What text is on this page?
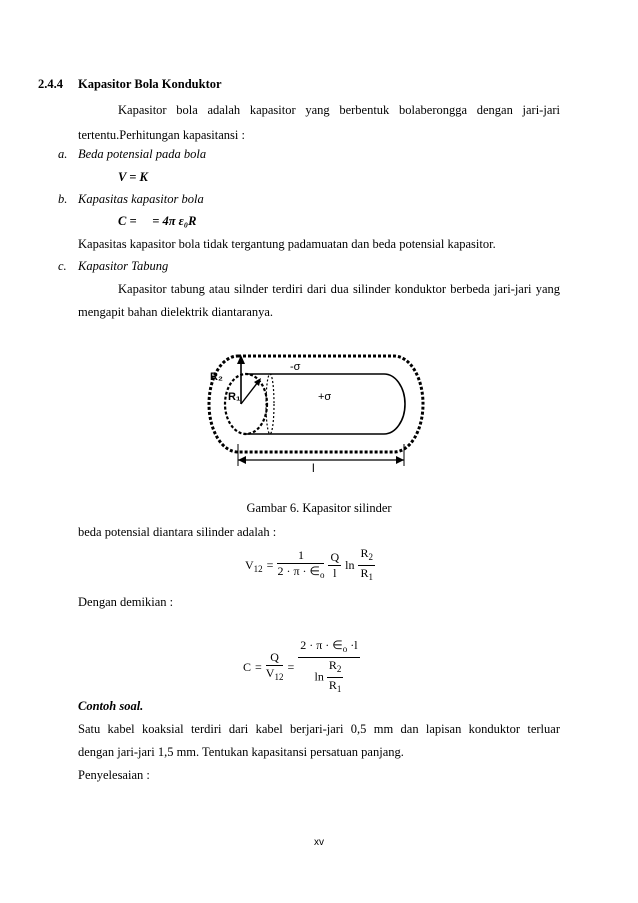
2.4.4 Kapasitor Bola Konduktor
Kapasitor bola adalah kapasitor yang berbentuk bolaberongga dengan jari-jari
tertentu.Perhitungan kapasitansi :
a. Beda potensial pada bola
V = K
b. Kapasitas kapasitor bola
C =     = 4π ε₀R
Kapasitas kapasitor bola tidak tergantung padamuatan dan beda potensial kapasitor.
c. Kapasitor Tabung
Kapasitor tabung atau silnder terdiri dari dua silinder konduktor berbeda jari-jari yang
mengapit bahan dielektrik diantaranya.
R₂
R₁
-σ
+σ
l
Gambar 6. Kapasitor silinder
beda potensial diantara silinder adalah :
$V_{12} = \frac{1}{2 \cdot \pi \cdot \in_o} \frac{Q}{l}$ $\ln \frac{R_2}{R_1}$
Dengan demikian :
$C = \frac{Q}{V_{12}} = \frac{2 \cdot \pi \cdot \in_o \cdot l}{\ln \frac{R_2}{R_1}}$
Contoh soal.
Satu kabel koaksial terdiri dari kabel berjari-jari 0,5 mm dan lapisan konduktor terluar
dengan jari-jari 1,5 mm. Tentukan kapasitansi persatuan panjang.
Penyelesaian :
xv
